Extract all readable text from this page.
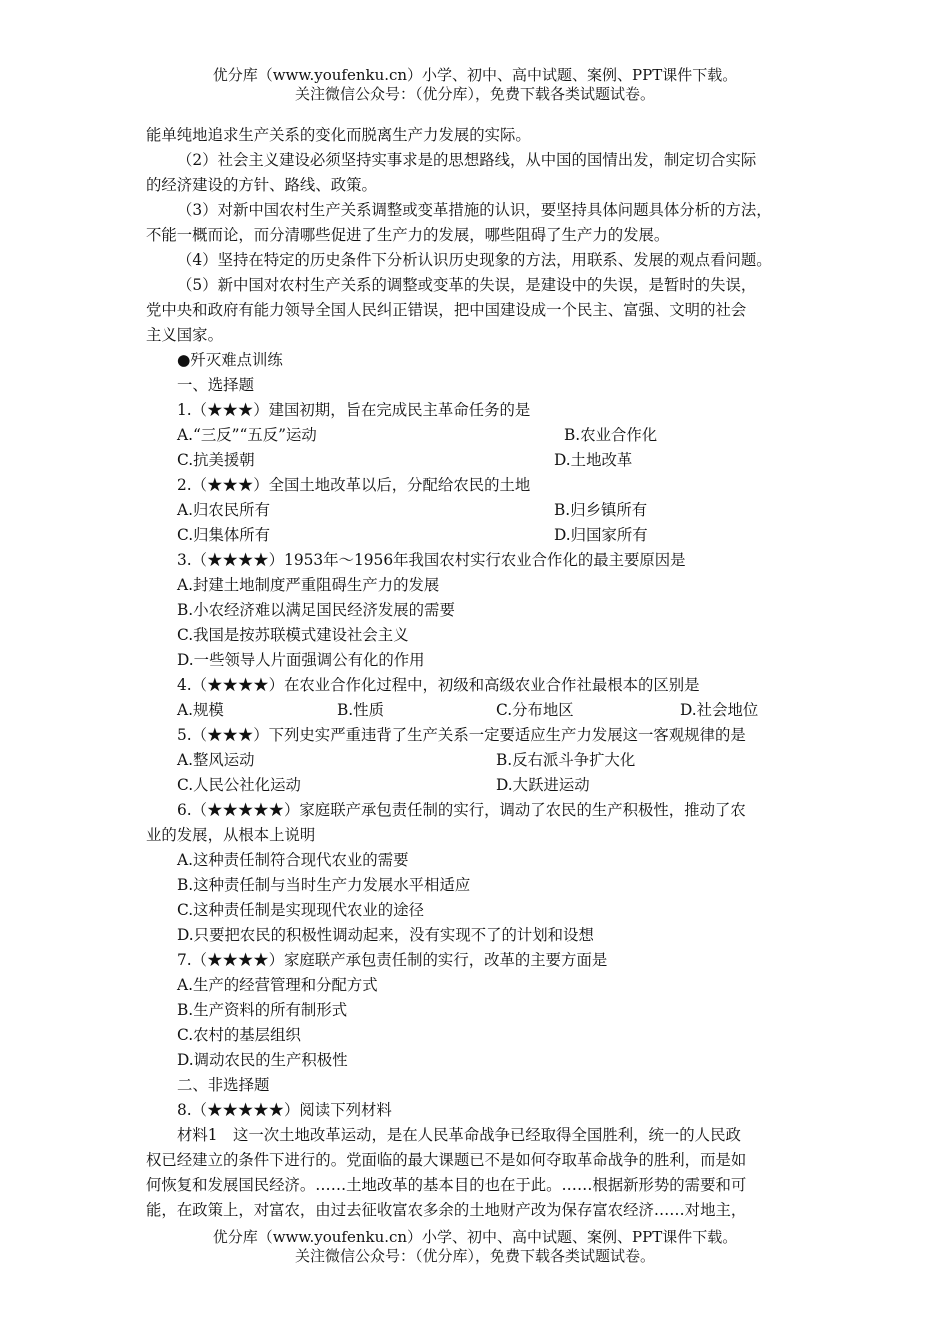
优分库（www.youfenku.cn）小学、初中、高中试题、案例、PPT课件下载。
关注微信公众号：（优分库），免费下载各类试题试卷。
能单纯地追求生产关系的变化而脱离生产力发展的实际。
（2）社会主义建设必须坚持实事求是的思想路线，从中国的国情出发，制定切合实际
的经济建设的方针、路线、政策。
（3）对新中国农村生产关系调整或变革措施的认识，要坚持具体问题具体分析的方法，
不能一概而论，而分清哪些促进了生产力的发展，哪些阻碍了生产力的发展。
（4）坚持在特定的历史条件下分析认识历史现象的方法，用联系、发展的观点看问题。
（5）新中国对农村生产关系的调整或变革的失误，是建设中的失误，是暂时的失误，
党中央和政府有能力领导全国人民纠正错误，把中国建设成一个民主、富强、文明的社会
主义国家。
●歼灭难点训练
一、选择题
1.（★★★）建国初期，旨在完成民主革命任务的是
A.“三反”“五反”运动	B.农业合作化
C.抗美援朝	D.土地改革
2.（★★★）全国土地改革以后，分配给农民的土地
A.归农民所有	B.归乡镇所有
C.归集体所有	D.归国家所有
3.（★★★★）1953年～1956年我国农村实行农业合作化的最主要原因是
A.封建土地制度严重阻碍生产力的发展
B.小农经济难以满足国民经济发展的需要
C.我国是按苏联模式建设社会主义
D.一些领导人片面强调公有化的作用
4.（★★★★）在农业合作化过程中，初级和高级农业合作社最根本的区别是
A.规模	B.性质	C.分布地区	D.社会地位
5.（★★★）下列史实严重违背了生产关系一定要适应生产力发展这一客观规律的是
A.整风运动	B.反右派斗争扩大化
C.人民公社化运动	D.大跃进运动
6.（★★★★★）家庭联产承包责任制的实行，调动了农民的生产积极性，推动了农
业的发展，从根本上说明
A.这种责任制符合现代农业的需要
B.这种责任制与当时生产力发展水平相适应
C.这种责任制是实现现代农业的途径
D.只要把农民的积极性调动起来，没有实现不了的计划和设想
7.（★★★★）家庭联产承包责任制的实行，改革的主要方面是
A.生产的经营管理和分配方式
B.生产资料的所有制形式
C.农村的基层组织
D.调动农民的生产积极性
二、非选择题
8.（★★★★★）阅读下列材料
材料1　这一次土地改革运动，是在人民革命战争已经取得全国胜利，统一的人民政
权已经建立的条件下进行的。党面临的最大课题已不是如何夺取革命战争的胜利，而是如
何恢复和发展国民经济。……土地改革的基本目的也在于此。……根据新形势的需要和可
能，在政策上，对富农，由过去征收富农多余的土地财产改为保存富农经济……对地主，
优分库（www.youfenku.cn）小学、初中、高中试题、案例、PPT课件下载。
关注微信公众号：（优分库），免费下载各类试题试卷。
